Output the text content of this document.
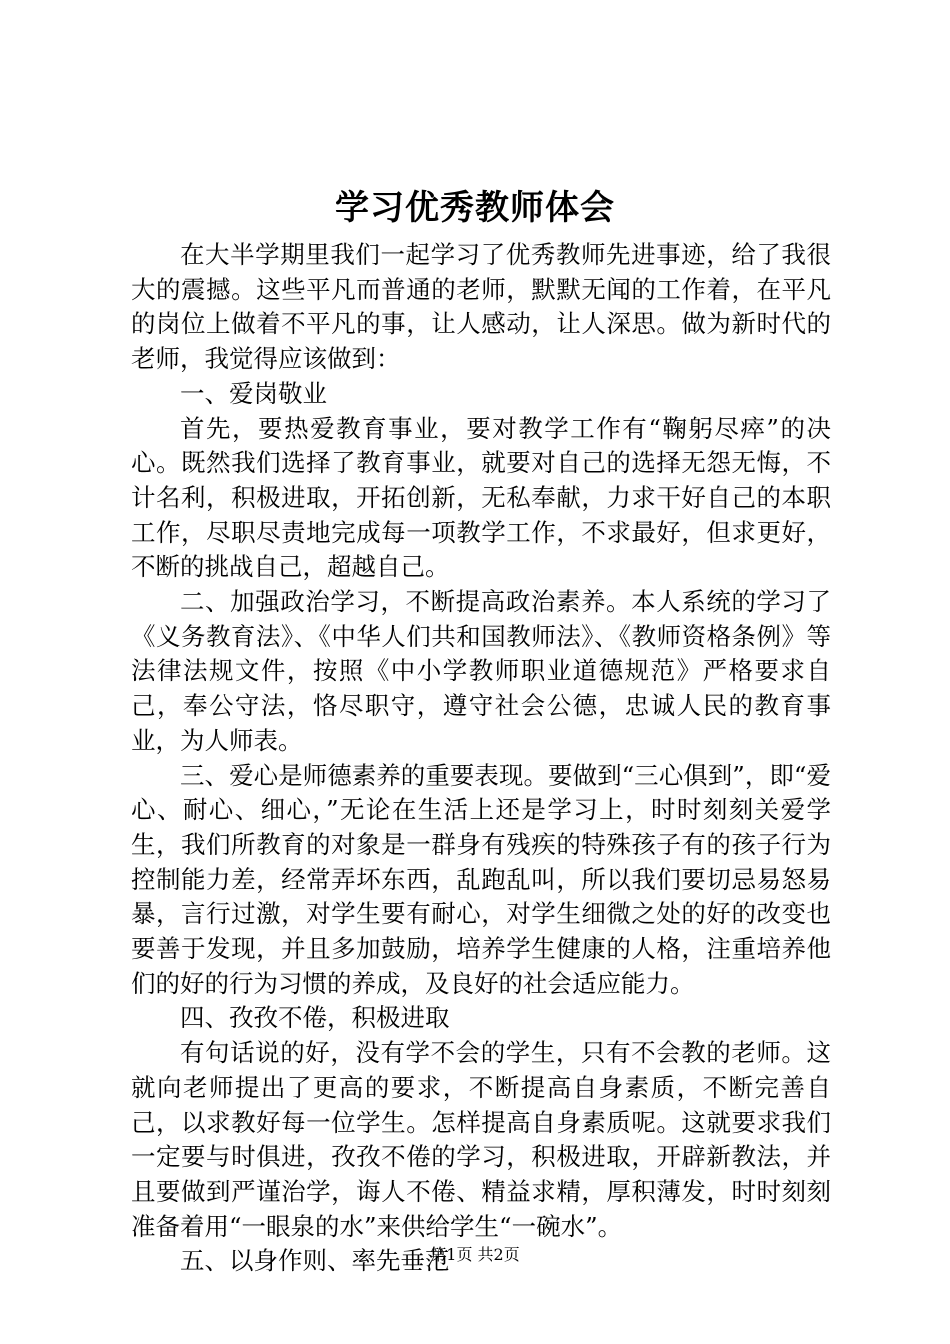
学习优秀教师体会

在大半学期里我们一起学习了优秀教师先进事迹，给了我很大的震撼。这些平凡而普通的老师，默默无闻的工作着，在平凡的岗位上做着不平凡的事，让人感动，让人深思。做为新时代的老师，我觉得应该做到：

一、爱岗敬业

首先，要热爱教育事业，要对教学工作有“鞠躬尽瘁”的决心。既然我们选择了教育事业，就要对自己的选择无怨无悔，不计名利，积极进取，开拓创新，无私奉献，力求干好自己的本职工作，尽职尽责地完成每一项教学工作，不求最好，但求更好，不断的挑战自己，超越自己。

二、加强政治学习，不断提高政治素养。本人系统的学习了《义务教育法》、《中华人们共和国教师法》、《教师资格条例》等法律法规文件，按照《中小学教师职业道德规范》严格要求自己，奉公守法，恪尽职守，遵守社会公德，忠诚人民的教育事业，为人师表。

三、爱心是师德素养的重要表现。要做到“三心俱到”，即“爱心、耐心、细心，”无论在生活上还是学习上，时时刻刻关爱学生，我们所教育的对象是一群身有残疾的特殊孩子有的孩子行为控制能力差，经常弄坏东西，乱跑乱叫，所以我们要切忌易怒易暴，言行过激，对学生要有耐心，对学生细微之处的好的改变也要善于发现，并且多加鼓励，培养学生健康的人格，注重培养他们的好的行为习惯的养成，及良好的社会适应能力。

四、孜孜不倦，积极进取

有句话说的好，没有学不会的学生，只有不会教的老师。这就向老师提出了更高的要求，不断提高自身素质，不断完善自己，以求教好每一位学生。怎样提高自身素质呢。这就要求我们一定要与时俱进，孜孜不倦的学习，积极进取，开辟新教法，并且要做到严谨治学，诲人不倦、精益求精，厚积薄发，时时刻刻准备着用“一眼泉的水”来供给学生“一碗水”。

五、以身作则、率先垂范

第1页 共2页
